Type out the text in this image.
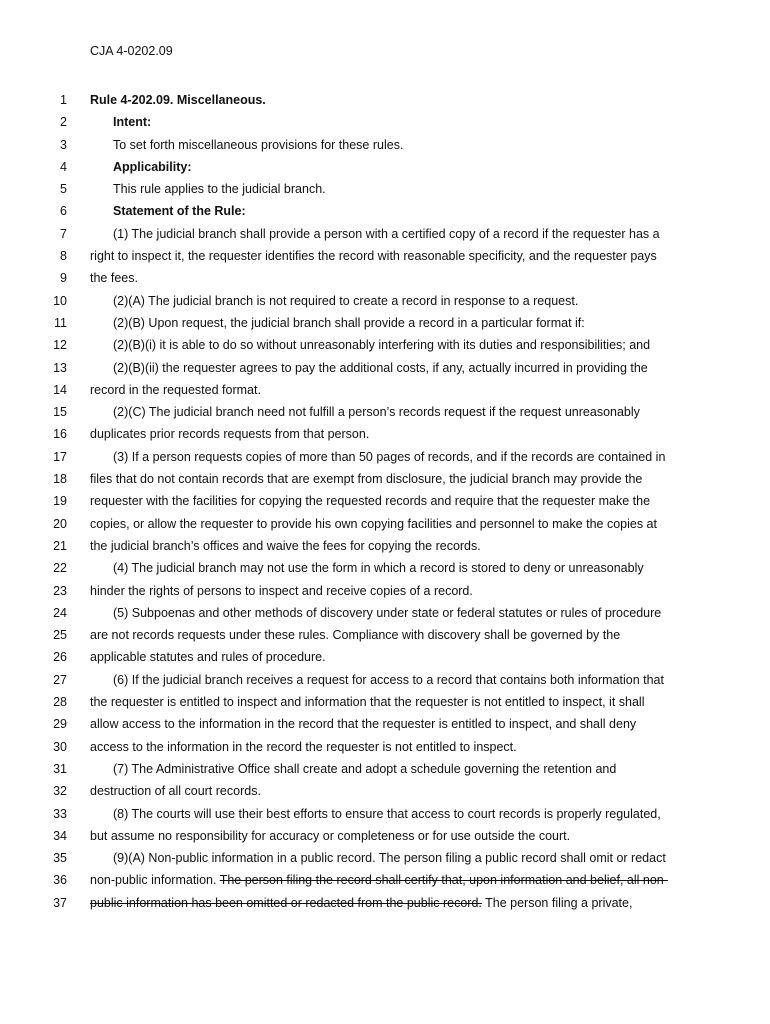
CJA 4-0202.09
1 Rule 4-202.09. Miscellaneous.
2	Intent:
3	To set forth miscellaneous provisions for these rules.
4	Applicability:
5	This rule applies to the judicial branch.
6	Statement of the Rule:
7	(1) The judicial branch shall provide a person with a certified copy of a record if the requester has a
8 right to inspect it, the requester identifies the record with reasonable specificity, and the requester pays
9 the fees.
10	(2)(A) The judicial branch is not required to create a record in response to a request.
11	(2)(B) Upon request, the judicial branch shall provide a record in a particular format if:
12	(2)(B)(i) it is able to do so without unreasonably interfering with its duties and responsibilities; and
13	(2)(B)(ii) the requester agrees to pay the additional costs, if any, actually incurred in providing the
14 record in the requested format.
15	(2)(C) The judicial branch need not fulfill a person’s records request if the request unreasonably
16 duplicates prior records requests from that person.
17	(3) If a person requests copies of more than 50 pages of records, and if the records are contained in
18 files that do not contain records that are exempt from disclosure, the judicial branch may provide the
19 requester with the facilities for copying the requested records and require that the requester make the
20 copies, or allow the requester to provide his own copying facilities and personnel to make the copies at
21 the judicial branch’s offices and waive the fees for copying the records.
22	(4) The judicial branch may not use the form in which a record is stored to deny or unreasonably
23 hinder the rights of persons to inspect and receive copies of a record.
24	(5) Subpoenas and other methods of discovery under state or federal statutes or rules of procedure
25 are not records requests under these rules. Compliance with discovery shall be governed by the
26 applicable statutes and rules of procedure.
27	(6) If the judicial branch receives a request for access to a record that contains both information that
28 the requester is entitled to inspect and information that the requester is not entitled to inspect, it shall
29 allow access to the information in the record that the requester is entitled to inspect, and shall deny
30 access to the information in the record the requester is not entitled to inspect.
31	(7) The Administrative Office shall create and adopt a schedule governing the retention and
32 destruction of all court records.
33	(8) The courts will use their best efforts to ensure that access to court records is properly regulated,
34 but assume no responsibility for accuracy or completeness or for use outside the court.
35	(9)(A) Non-public information in a public record. The person filing a public record shall omit or redact
36 non-public information. The person filing the record shall certify that, upon information and belief, all non-
37 public information has been omitted or redacted from the public record. The person filing a private,
